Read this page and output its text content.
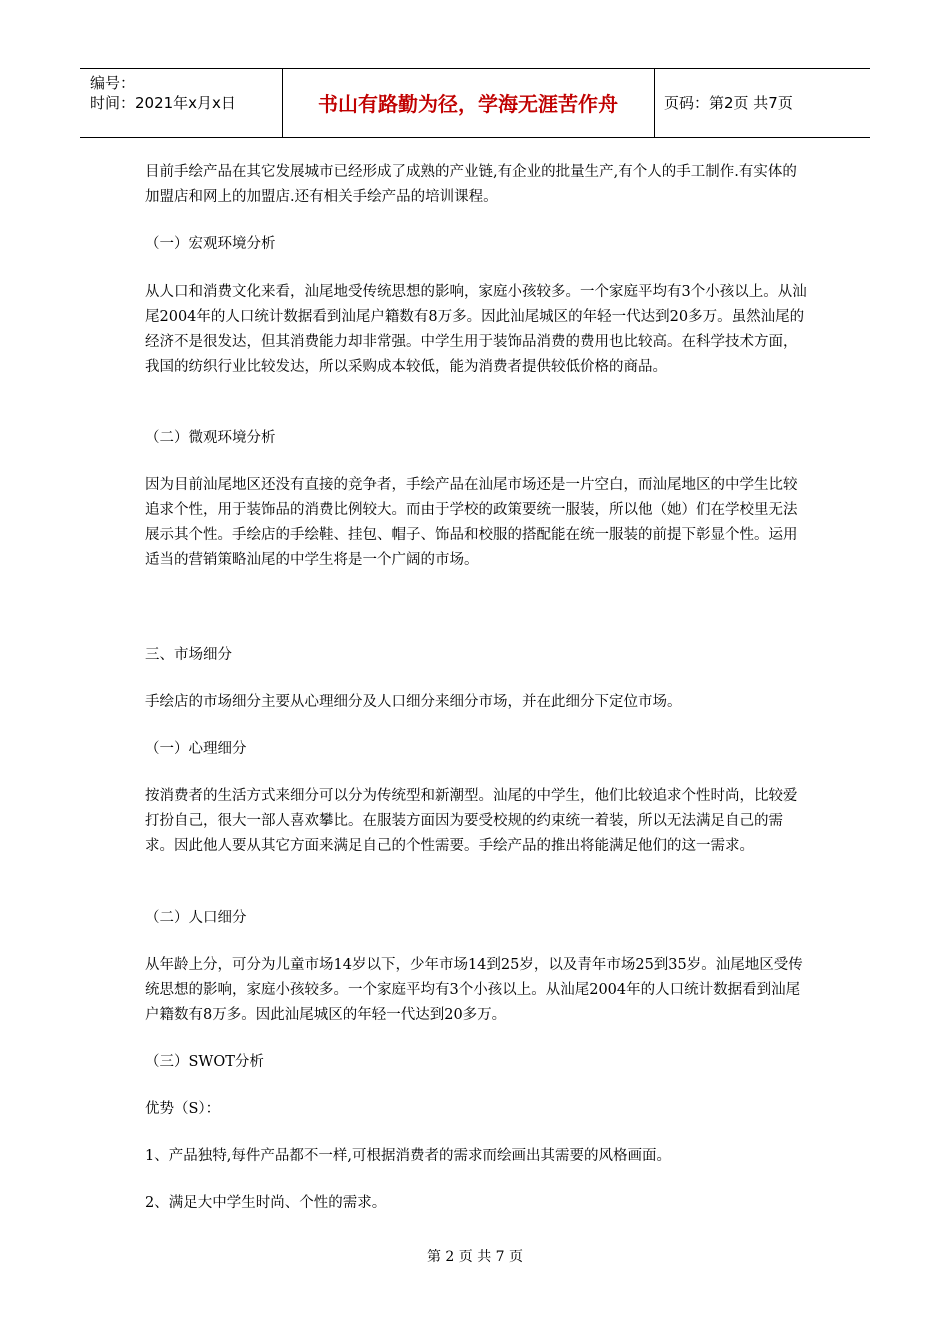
编号：
时间：2021年x月x日	书山有路勤为径，学海无涯苦作舟	页码：第2页 共7页

目前手绘产品在其它发展城市已经形成了成熟的产业链,有企业的批量生产,有个人的手工制作.有实体的加盟店和网上的加盟店.还有相关手绘产品的培训课程。

（一）宏观环境分析

从人口和消费文化来看，汕尾地受传统思想的影响，家庭小孩较多。一个家庭平均有3个小孩以上。从汕尾2004年的人口统计数据看到汕尾户籍数有8万多。因此汕尾城区的年轻一代达到20多万。虽然汕尾的经济不是很发达，但其消费能力却非常强。中学生用于装饰品消费的费用也比较高。在科学技术方面，我国的纺织行业比较发达，所以采购成本较低，能为消费者提供较低价格的商品。

（二）微观环境分析

因为目前汕尾地区还没有直接的竞争者，手绘产品在汕尾市场还是一片空白，而汕尾地区的中学生比较追求个性，用于装饰品的消费比例较大。而由于学校的政策要统一服装，所以他（她）们在学校里无法展示其个性。手绘店的手绘鞋、挂包、帽子、饰品和校服的搭配能在统一服装的前提下彰显个性。运用适当的营销策略汕尾的中学生将是一个广阔的市场。

三、市场细分

手绘店的市场细分主要从心理细分及人口细分来细分市场，并在此细分下定位市场。

（一）心理细分

按消费者的生活方式来细分可以分为传统型和新潮型。汕尾的中学生，他们比较追求个性时尚，比较爱打扮自己，很大一部人喜欢攀比。在服装方面因为要受校规的约束统一着装，所以无法满足自己的需求。因此他人要从其它方面来满足自己的个性需要。手绘产品的推出将能满足他们的这一需求。

（二）人口细分

从年龄上分，可分为儿童市场14岁以下，少年市场14到25岁，以及青年市场25到35岁。汕尾地区受传统思想的影响，家庭小孩较多。一个家庭平均有3个小孩以上。从汕尾2004年的人口统计数据看到汕尾户籍数有8万多。因此汕尾城区的年轻一代达到20多万。

（三）SWOT分析

优势（S）：

1、产品独特,每件产品都不一样,可根据消费者的需求而绘画出其需要的风格画面。

2、满足大中学生时尚、个性的需求。

第 2 页 共 7 页
